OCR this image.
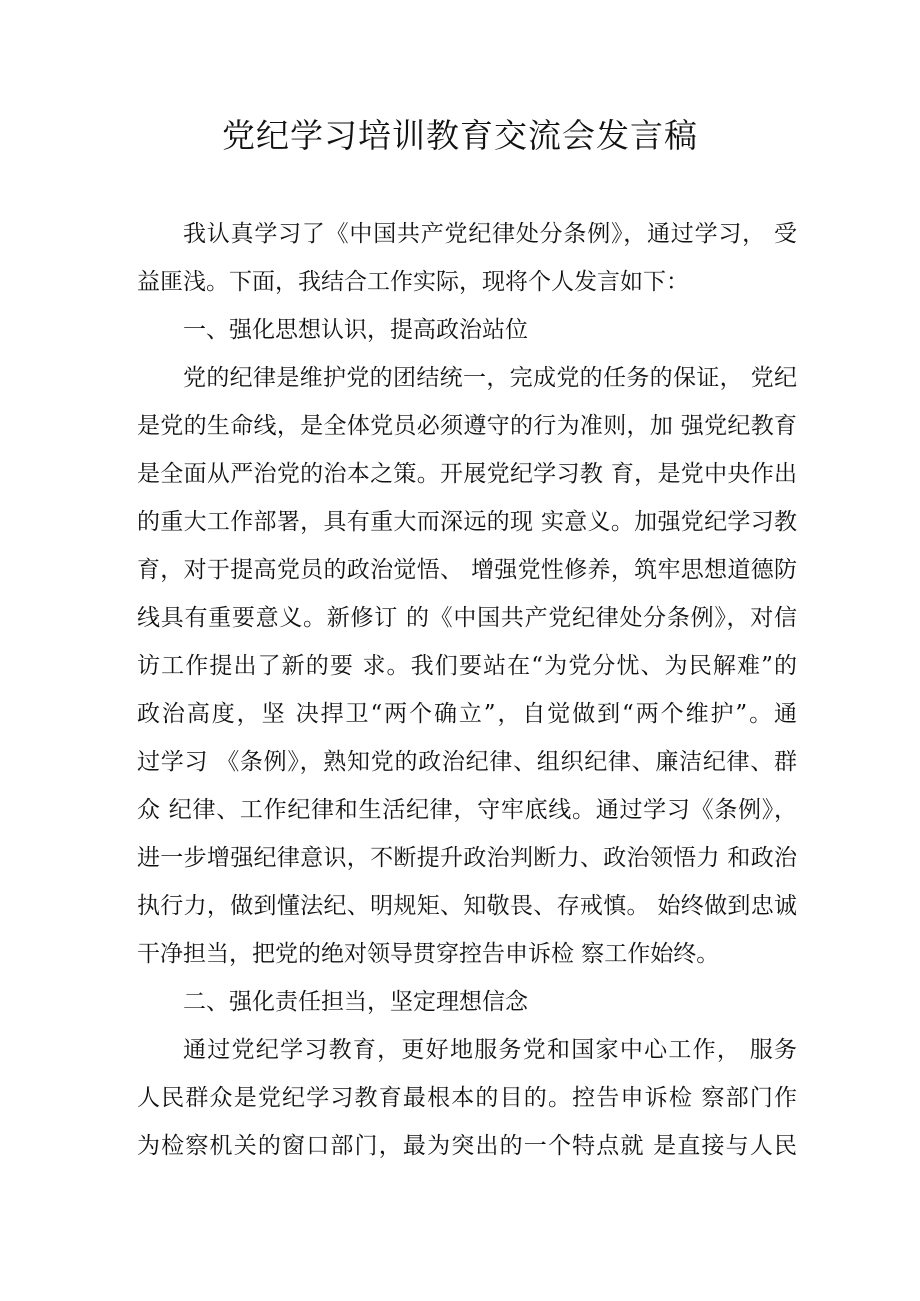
党纪学习培训教育交流会发言稿
我认真学习了《中国共产党纪律处分条例》，通过学习， 受
益匪浅。下面，我结合工作实际，现将个人发言如下：
一、强化思想认识，提高政治站位
党的纪律是维护党的团结统一，完成党的任务的保证， 党纪
是党的生命线，是全体党员必须遵守的行为准则，加 强党纪教育
是全面从严治党的治本之策。开展党纪学习教 育，是党中央作出
的重大工作部署，具有重大而深远的现 实意义。加强党纪学习教
育，对于提高党员的政治觉悟、 增强党性修养，筑牢思想道德防
线具有重要意义。新修订 的《中国共产党纪律处分条例》，对信
访工作提出了新的要 求。我们要站在“为党分忧、为民解难”的
政治高度，坚 决捍卫“两个确立”，自觉做到“两个维护”。通
过学习 《条例》，熟知党的政治纪律、组织纪律、廉洁纪律、群
众 纪律、工作纪律和生活纪律，守牢底线。通过学习《条例》，
进一步增强纪律意识，不断提升政治判断力、政治领悟力 和政治
执行力，做到懂法纪、明规矩、知敬畏、存戒慎。 始终做到忠诚
干净担当，把党的绝对领导贯穿控告申诉检 察工作始终。
二、强化责任担当，坚定理想信念
通过党纪学习教育，更好地服务党和国家中心工作， 服务
人民群众是党纪学习教育最根本的目的。控告申诉检 察部门作
为检察机关的窗口部门，最为突出的一个特点就 是直接与人民
